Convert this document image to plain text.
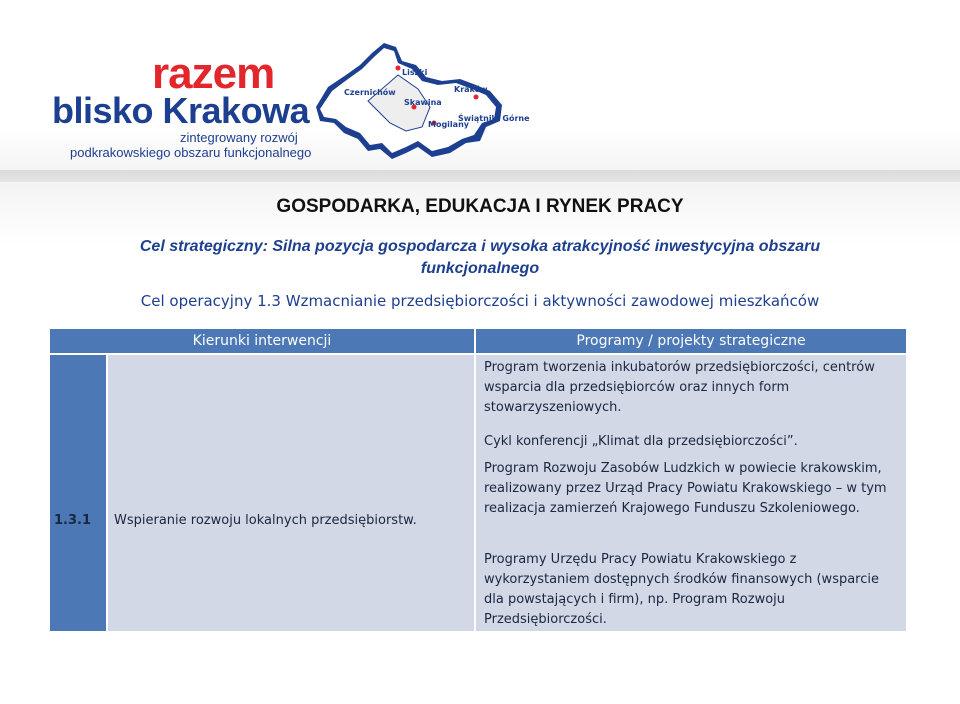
razem
blisko Krakowa
zintegrowany rozwój
podkrakowskiego obszaru funkcjonalnego
Liszki
Czernichów
Skawina
Kraków
Mogilany
Świątniki Górne
GOSPODARKA, EDUKACJA I RYNEK PRACY
Cel strategiczny: Silna pozycja gospodarcza i wysoka atrakcyjność inwestycyjna obszaru funkcjonalnego
Cel operacyjny 1.3 Wzmacnianie przedsiębiorczości i aktywności zawodowej mieszkańców
Kierunki interwencji	Programy / projekty strategiczne
1.3.1 Wspieranie rozwoju lokalnych przedsiębiorstw.
Program tworzenia inkubatorów przedsiębiorczości, centrów wsparcia dla przedsiębiorców oraz innych form stowarzyszeniowych.
Cykl konferencji „Klimat dla przedsiębiorczości”.
Program Rozwoju Zasobów Ludzkich w powiecie krakowskim, realizowany przez Urząd Pracy Powiatu Krakowskiego – w tym realizacja zamierzeń Krajowego Funduszu Szkoleniowego.
Programy Urzędu Pracy Powiatu Krakowskiego z wykorzystaniem dostępnych środków finansowych (wsparcie dla powstających i firm), np. Program Rozwoju Przedsiębiorczości.
